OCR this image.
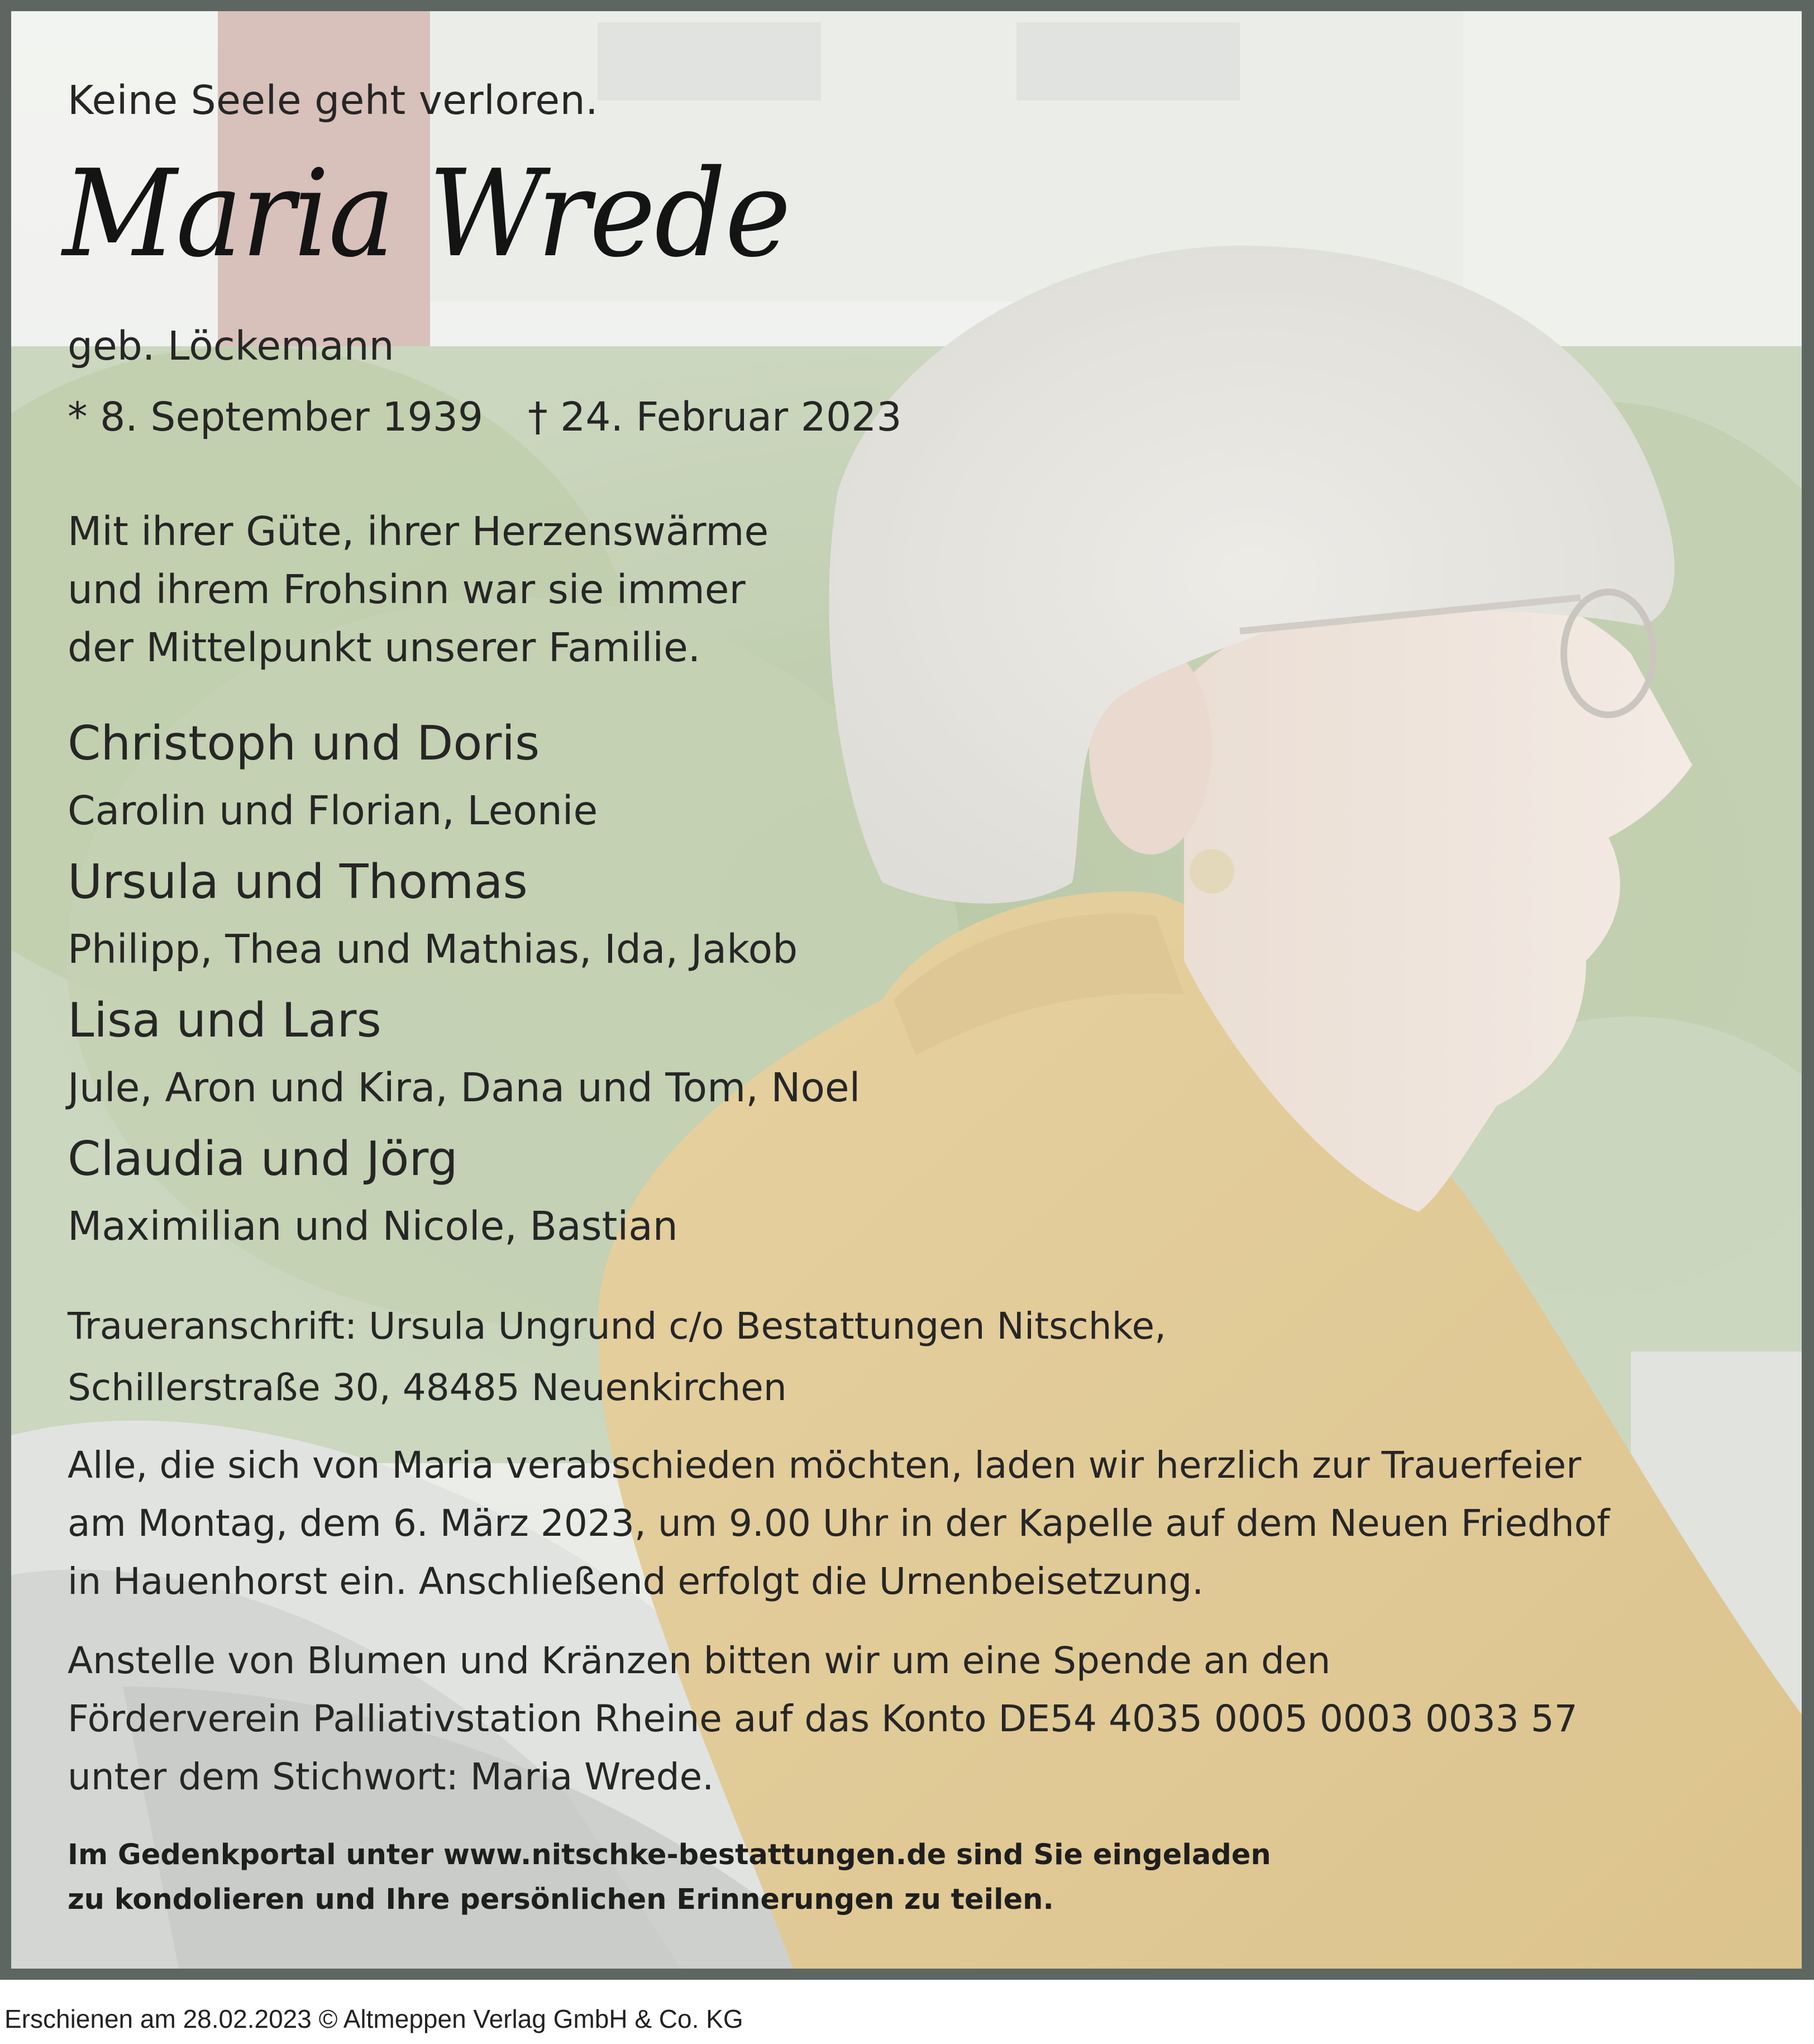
Keine Seele geht verloren.
Maria Wrede
geb. Löckemann
* 8. September 1939 † 24. Februar 2023
Mit ihrer Güte, ihrer Herzenswärme
und ihrem Frohsinn war sie immer
der Mittelpunkt unserer Familie.
Christoph und Doris
Carolin und Florian, Leonie
Ursula und Thomas
Philipp, Thea und Mathias, Ida, Jakob
Lisa und Lars
Jule, Aron und Kira, Dana und Tom, Noel
Claudia und Jörg
Maximilian und Nicole, Bastian
Traueranschrift: Ursula Ungrund c/o Bestattungen Nitschke,
Schillerstraße 30, 48485 Neuenkirchen
Alle, die sich von Maria verabschieden möchten, laden wir herzlich zur Trauerfeier
am Montag, dem 6. März 2023, um 9.00 Uhr in der Kapelle auf dem Neuen Friedhof
in Hauenhorst ein. Anschließend erfolgt die Urnenbeisetzung.
Anstelle von Blumen und Kränzen bitten wir um eine Spende an den
Förderverein Palliativstation Rheine auf das Konto DE54 4035 0005 0003 0033 57
unter dem Stichwort: Maria Wrede.
Im Gedenkportal unter www.nitschke-bestattungen.de sind Sie eingeladen
zu kondolieren und Ihre persönlichen Erinnerungen zu teilen.
Erschienen am 28.02.2023 © Altmeppen Verlag GmbH & Co. KG
